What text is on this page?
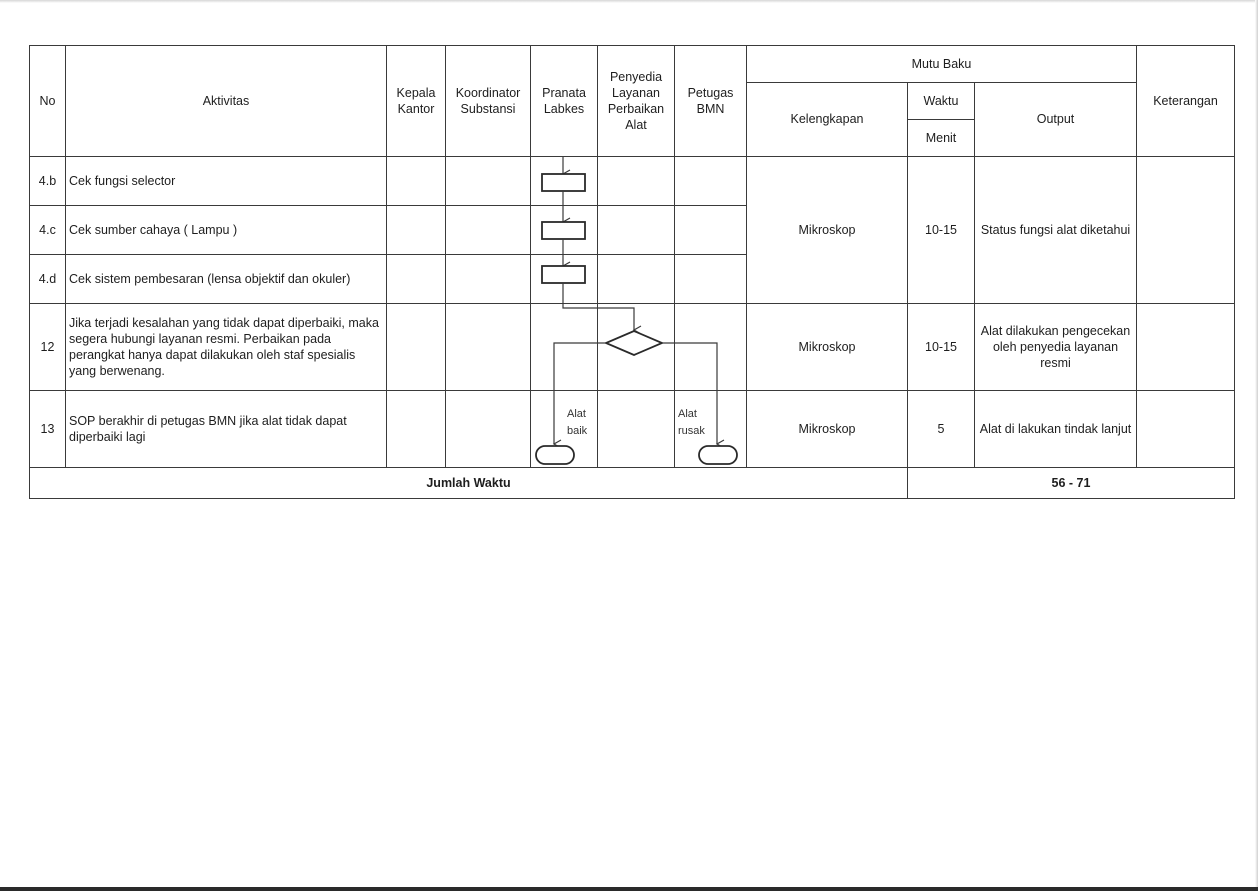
No	Aktivitas	Kepala Kantor	Koordinator Substansi	Pranata Labkes	Penyedia Layanan Perbaikan Alat	Petugas BMN	Mutu Baku			Keterangan
							Kelengkapan	Waktu	Output	
								Menit		
4.b	Cek fungsi selector						Mikroskop	10-15	Status fungsi alat diketahui	
4.c	Cek sumber cahaya ( Lampu )									
4.d	Cek sistem pembesaran (lensa objektif dan okuler)									
12	Jika terjadi kesalahan yang tidak dapat diperbaiki, maka segera hubungi layanan resmi. Perbaikan pada perangkat hanya dapat dilakukan oleh staf spesialis yang berwenang.						Mikroskop	10-15	Alat dilakukan pengecekan oleh penyedia layanan resmi	
13	SOP berakhir di petugas BMN jika alat tidak dapat diperbaiki lagi						Mikroskop	5	Alat di lakukan tindak lanjut	
Jumlah Waktu								56 - 71		
Alat
baik
Alat
rusak
